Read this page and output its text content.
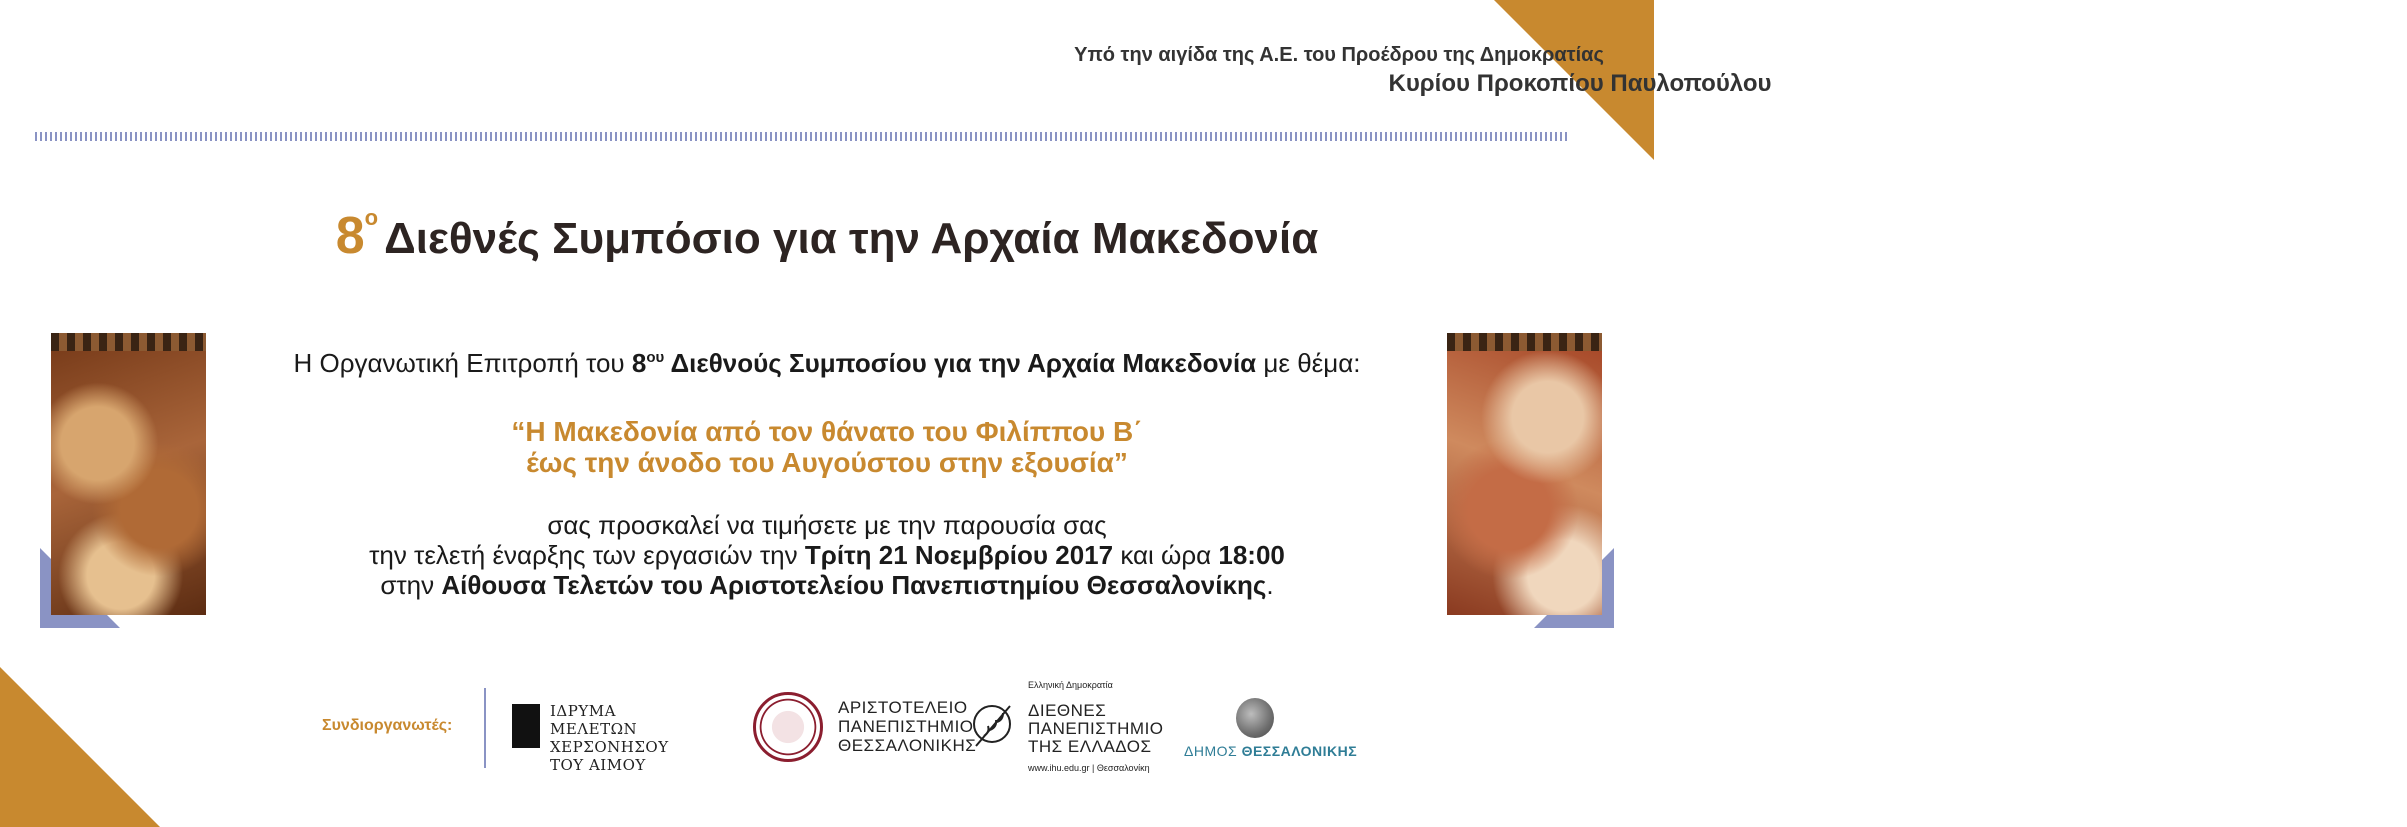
Υπό την αιγίδα της Α.Ε. του Προέδρου της Δημοκρατίας
Κυρίου Προκοπίου Παυλοπούλου
$8^o$ Διεθνές Συμπόσιο για την Αρχαία Μακεδονία
Η Οργανωτική Επιτροπή του $8^{o\upsilon}$ Διεθνούς Συμποσίου για την Αρχαία Μακεδονία με θέμα:
“Η Μακεδονία από τον θάνατο του Φιλίππου Β΄
έως την άνοδο του Αυγούστου στην εξουσία”
σας προσκαλεί να τιμήσετε με την παρουσία σας
την τελετή έναρξης των εργασιών την Τρίτη 21 Νοεμβρίου 2017 και ώρα 18:00
στην Αίθουσα Τελετών του Αριστοτελείου Πανεπιστημίου Θεσσαλονίκης.
Συνδιοργανωτές:
ΙΔΡΥΜΑ
ΜΕΛΕΤΩΝ ΧΕΡΣΟΝΗΣΟΥ
ΤΟΥ ΑΙΜΟΥ
ΑΡΙΣΤΟΤΕΛΕΙΟ
ΠΑΝΕΠΙΣΤΗΜΙΟ
ΘΕΣΣΑΛΟΝΙΚΗΣ
Ελληνική Δημοκρατία
ΔΙΕΘΝΕΣ
ΠΑΝΕΠΙΣΤΗΜΙΟ
ΤΗΣ ΕΛΛΑΔΟΣ
www.ihu.edu.gr | Θεσσαλονίκη
ΔΗΜΟΣ ΘΕΣΣΑΛΟΝΙΚΗΣ
